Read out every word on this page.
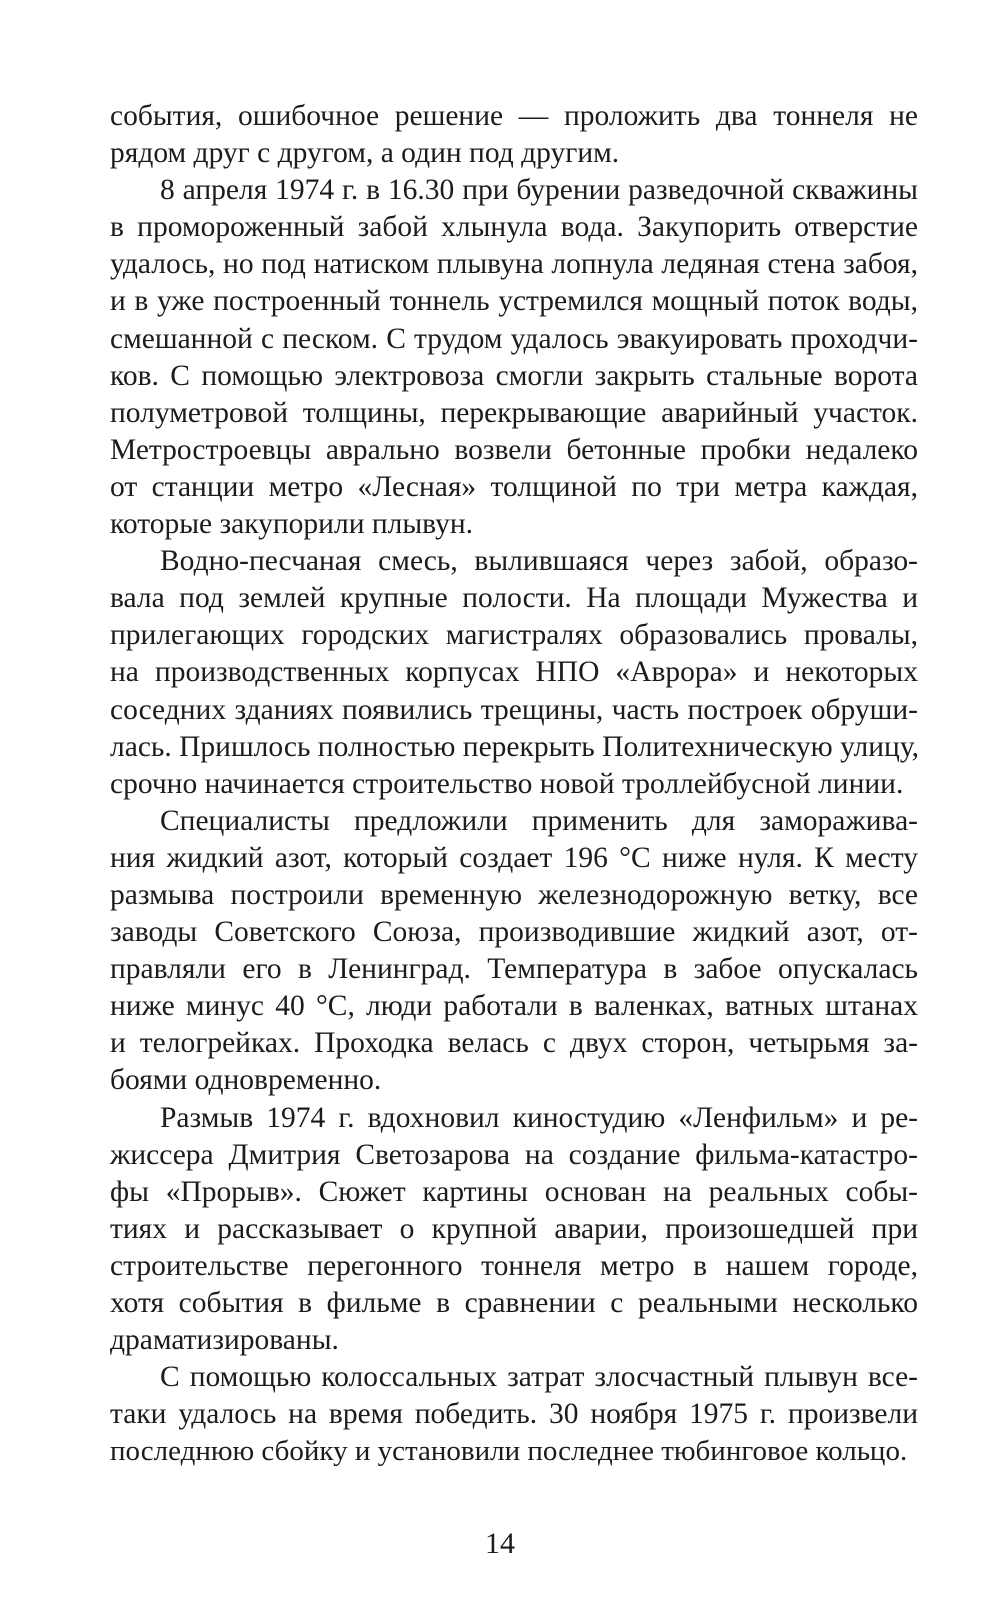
события, ошибочное решение — проложить два тоннеля не
рядом друг с другом, а один под другим.
8 апреля 1974 г. в 16.30 при бурении разведочной скважины
в промороженный забой хлынула вода. Закупорить отверстие
удалось, но под натиском плывуна лопнула ледяная стена забоя,
и в уже построенный тоннель устремился мощный поток воды,
смешанной с песком. С трудом удалось эвакуировать проходчи-
ков. С помощью электровоза смогли закрыть стальные ворота
полуметровой толщины, перекрывающие аварийный участок.
Метростроевцы аврально возвели бетонные пробки недалеко
от станции метро «Лесная» толщиной по три метра каждая,
которые закупорили плывун.
Водно-песчаная смесь, вылившаяся через забой, образо-
вала под землей крупные полости. На площади Мужества и
прилегающих городских магистралях образовались провалы,
на производственных корпусах НПО «Аврора» и некоторых
соседних зданиях появились трещины, часть построек обруши-
лась. Пришлось полностью перекрыть Политехническую улицу,
срочно начинается строительство новой троллейбусной линии.
Специалисты предложили применить для заморажива-
ния жидкий азот, который создает 196 °С ниже нуля. К месту
размыва построили временную железнодорожную ветку, все
заводы Советского Союза, производившие жидкий азот, от-
правляли его в Ленинград. Температура в забое опускалась
ниже минус 40 °С, люди работали в валенках, ватных штанах
и телогрейках. Проходка велась с двух сторон, четырьмя за-
боями одновременно.
Размыв 1974 г. вдохновил киностудию «Ленфильм» и ре-
жиссера Дмитрия Светозарова на создание фильма-катастро-
фы «Прорыв». Сюжет картины основан на реальных собы-
тиях и рассказывает о крупной аварии, произошедшей при
строительстве перегонного тоннеля метро в нашем городе,
хотя события в фильме в сравнении с реальными несколько
драматизированы.
С помощью колоссальных затрат злосчастный плывун все-
таки удалось на время победить. 30 ноября 1975 г. произвели
последнюю сбойку и установили последнее тюбинговое кольцо.
14
